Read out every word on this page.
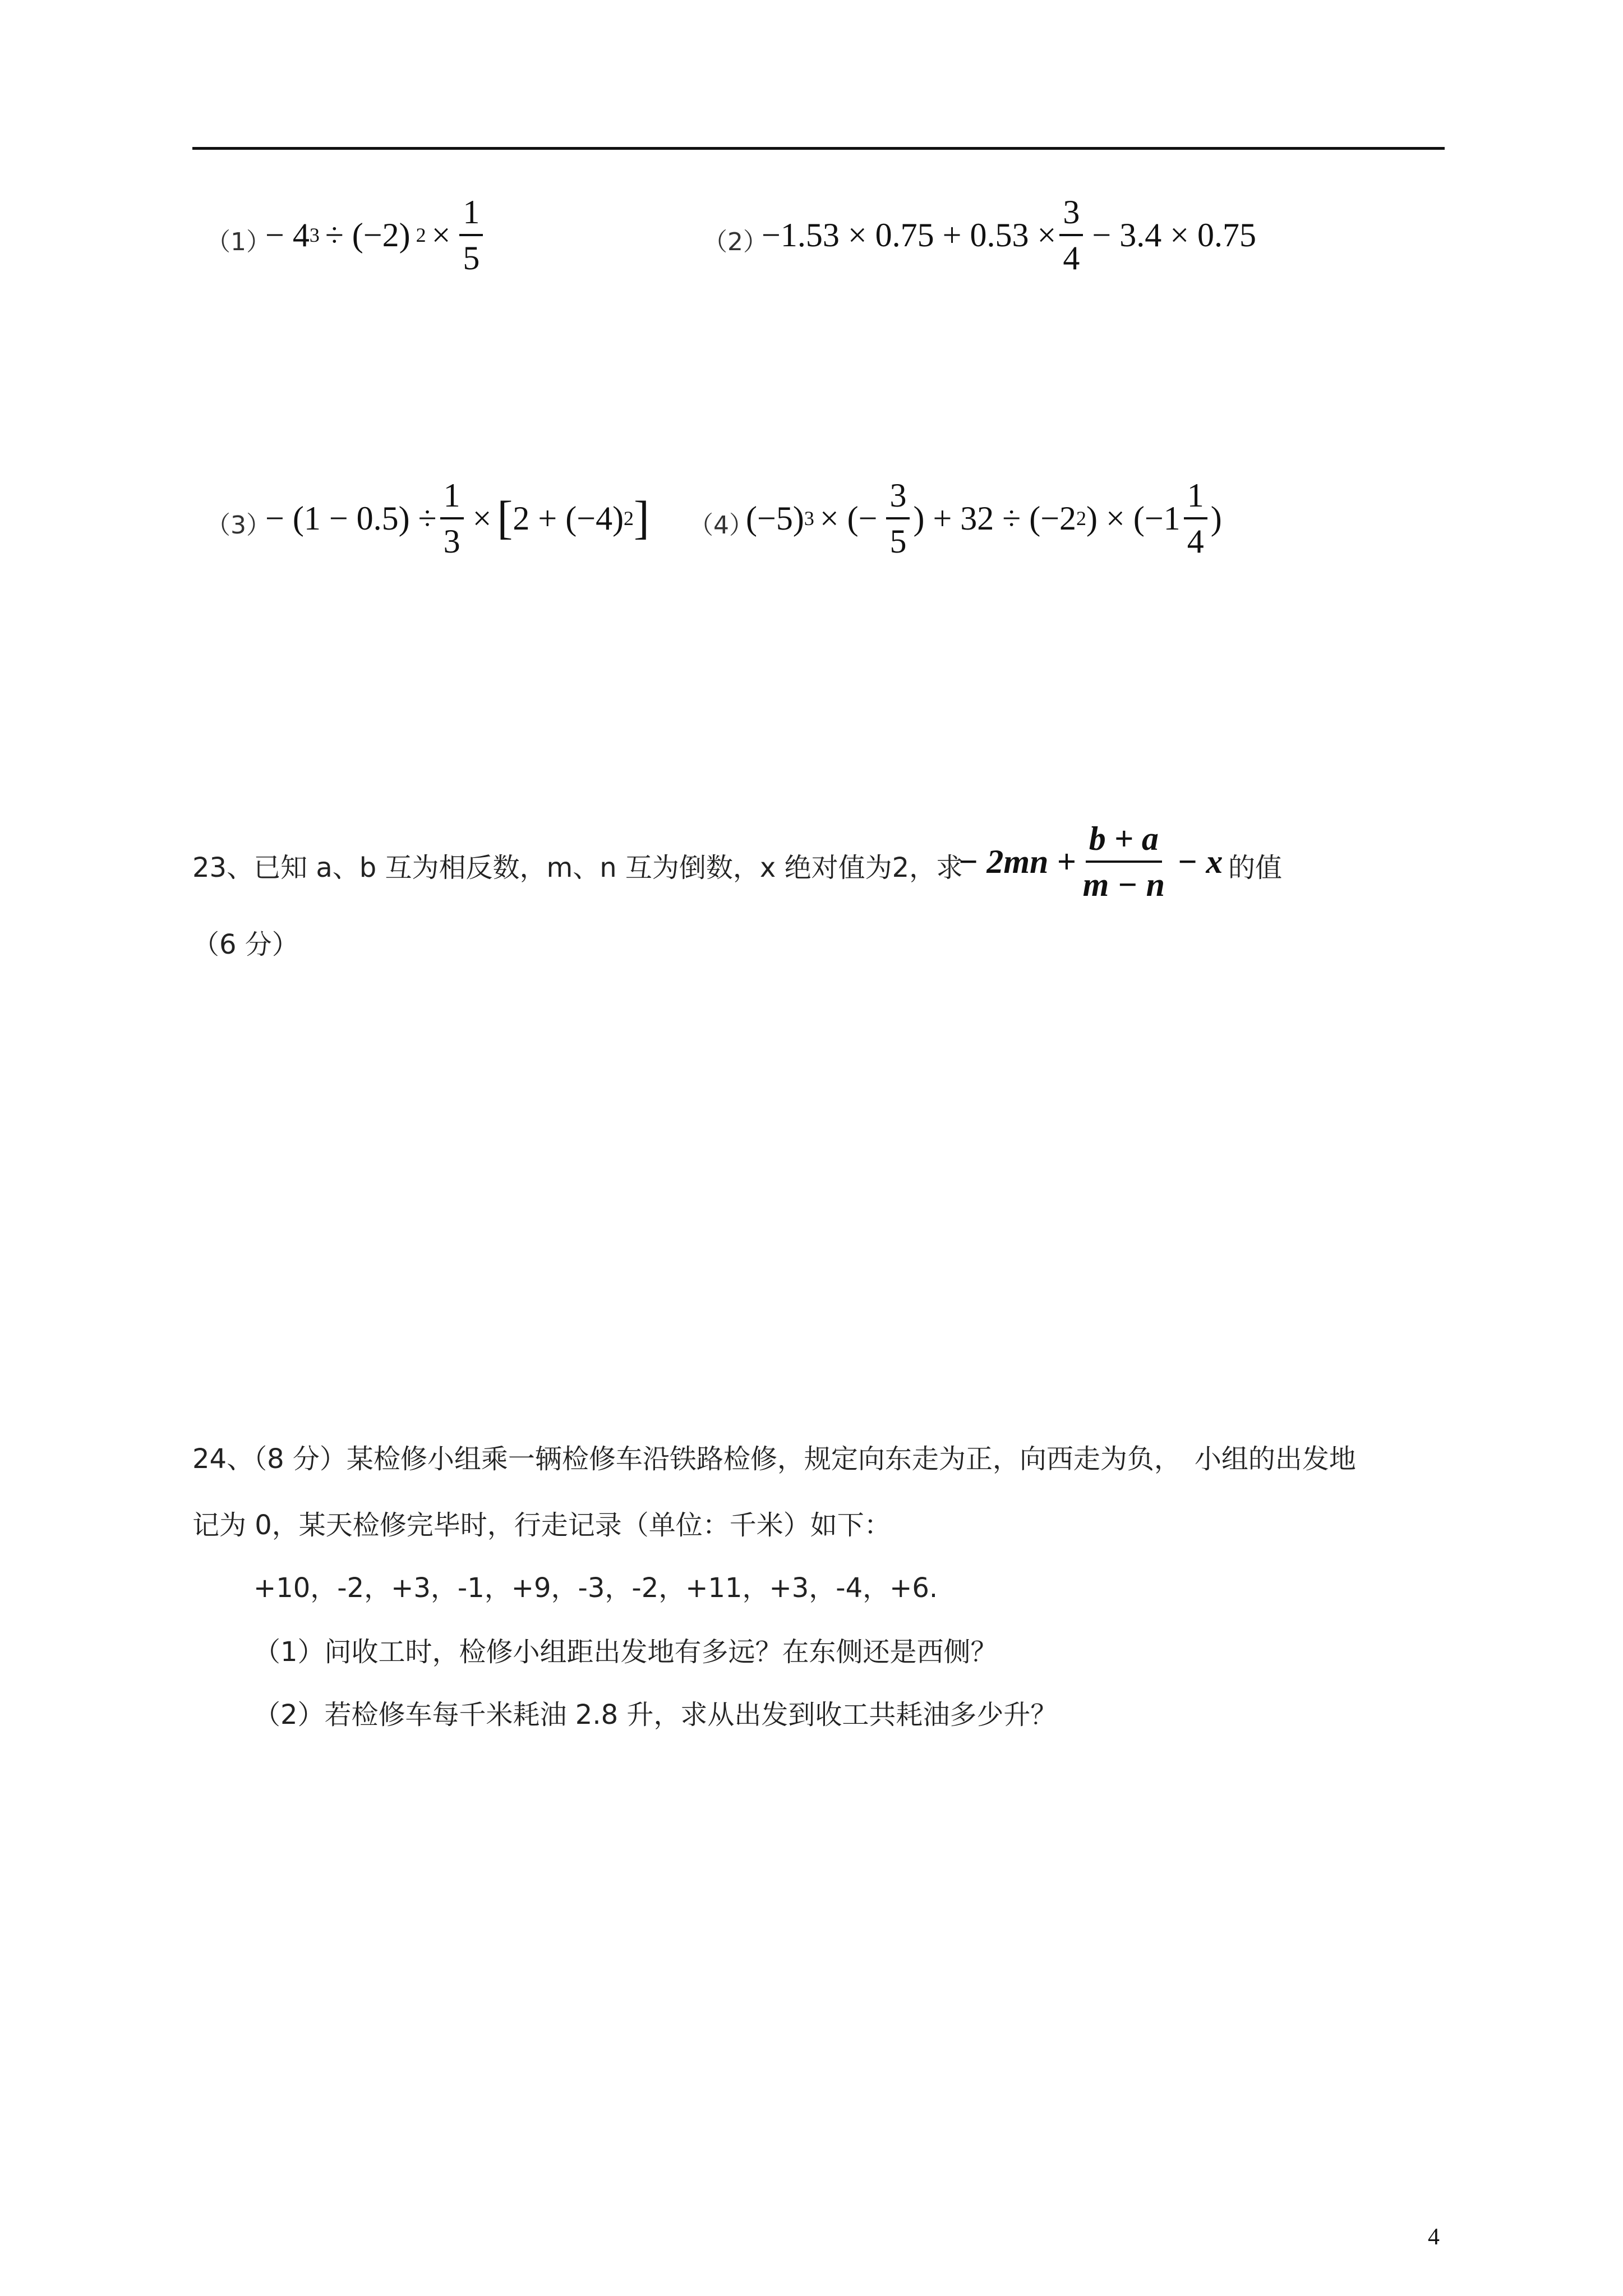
（1）
− 4 3 ÷ (−2) $2 \times \frac{1}{5}$	（2）
$-1.53 \times 0.75 + 0.53 \times \frac{3}{4} - 3.4 \times 0.75$
（3）
− $(1 - 0.5) \div \frac{1}{3}$ × [ 2 + (−4) 2 ] （4）
(−5) 3 × (− $\frac{3}{5}$ ) + 32 ÷ (−2 2 ) × ($-1 \frac{1}{4}$ )
23、已知 a、b 互为相反数，m、n 互为倒数，x 绝对值为2，求
− $2mn + \frac{b + a}{m - n} - x$ 的值
（6 分）
24、（8 分）某检修小组乘一辆检修车沿铁路检修，规定向东走为正，向西走为负，　小组的出发地
记为 0，某天检修完毕时，行走记录（单位：千米）如下：
+10，-2，+3，-1，+9，-3，-2，+11，+3，-4，+6.
（1）问收工时，检修小组距出发地有多远？在东侧还是西侧？
（2）若检修车每千米耗油 2.8 升，求从出发到收工共耗油多少升？
4
